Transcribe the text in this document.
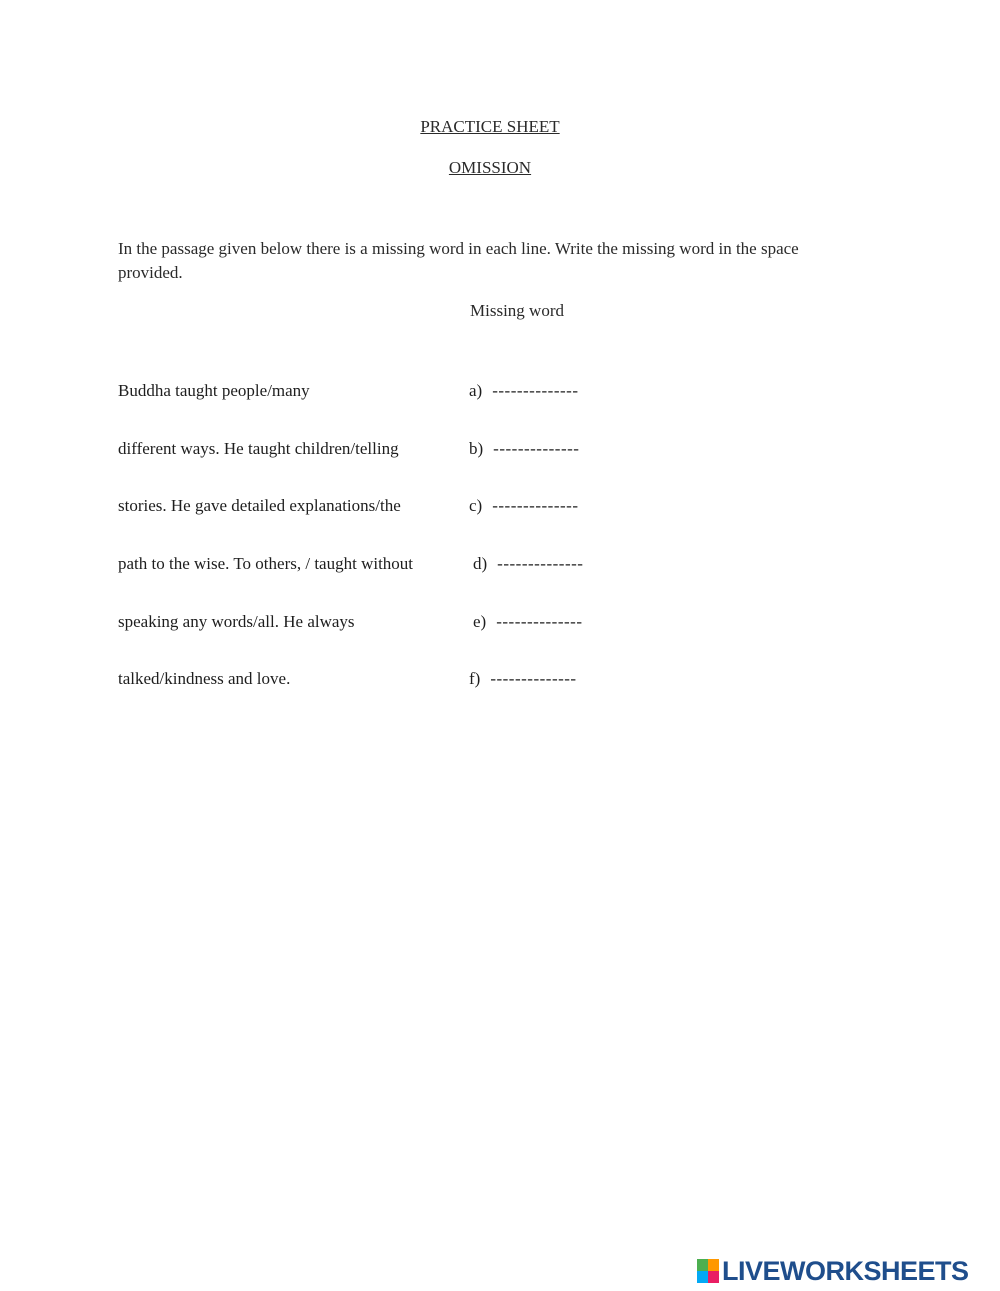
PRACTICE SHEET
OMISSION
In the passage given below there is a missing word in each line. Write the missing word in the space provided.
Missing word
Buddha taught people/many	a) --------------
different ways. He taught children/telling	b) --------------
stories. He gave detailed explanations/the	c) --------------
path to the wise. To others, / taught without	d) --------------
speaking any words/all. He always	e) --------------
talked/kindness and love.	f) --------------
LIVEWORKSHEETS
